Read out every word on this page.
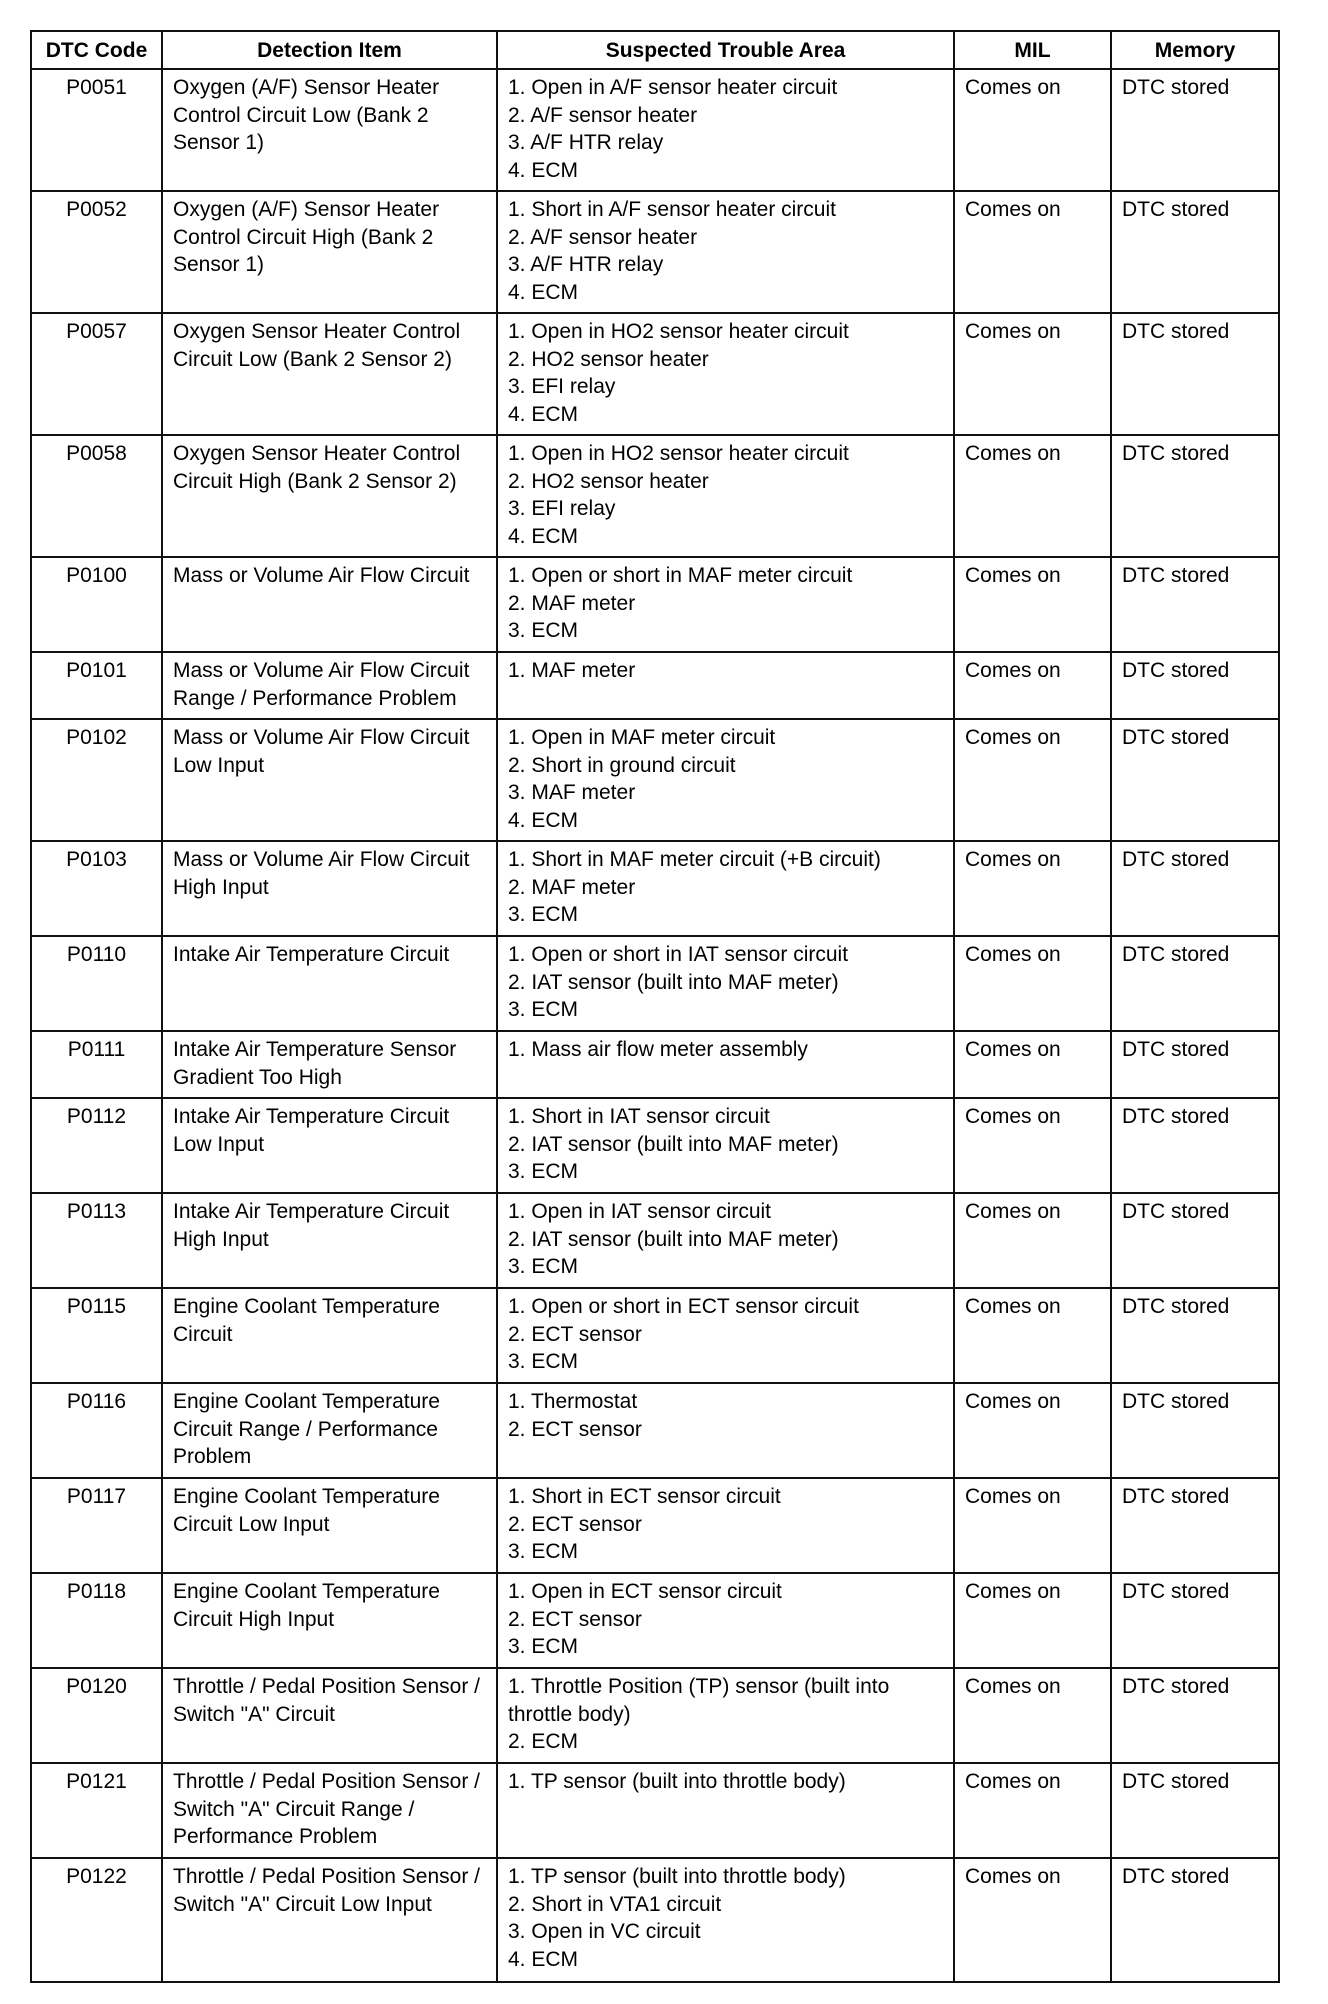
DTC Code	Detection Item	Suspected Trouble Area	MIL	Memory
P0051	Oxygen (A/F) Sensor Heater Control Circuit Low (Bank 2 Sensor 1)	1. Open in A/F sensor heater circuit
2. A/F sensor heater
3. A/F HTR relay
4. ECM	Comes on	DTC stored
P0052	Oxygen (A/F) Sensor Heater Control Circuit High (Bank 2 Sensor 1)	1. Short in A/F sensor heater circuit
2. A/F sensor heater
3. A/F HTR relay
4. ECM	Comes on	DTC stored
P0057	Oxygen Sensor Heater Control Circuit Low (Bank 2 Sensor 2)	1. Open in HO2 sensor heater circuit
2. HO2 sensor heater
3. EFI relay
4. ECM	Comes on	DTC stored
P0058	Oxygen Sensor Heater Control Circuit High (Bank 2 Sensor 2)	1. Open in HO2 sensor heater circuit
2. HO2 sensor heater
3. EFI relay
4. ECM	Comes on	DTC stored
P0100	Mass or Volume Air Flow Circuit	1. Open or short in MAF meter circuit
2. MAF meter
3. ECM	Comes on	DTC stored
P0101	Mass or Volume Air Flow Circuit Range / Performance Problem	1. MAF meter	Comes on	DTC stored
P0102	Mass or Volume Air Flow Circuit Low Input	1. Open in MAF meter circuit
2. Short in ground circuit
3. MAF meter
4. ECM	Comes on	DTC stored
P0103	Mass or Volume Air Flow Circuit High Input	1. Short in MAF meter circuit (+B circuit)
2. MAF meter
3. ECM	Comes on	DTC stored
P0110	Intake Air Temperature Circuit	1. Open or short in IAT sensor circuit
2. IAT sensor (built into MAF meter)
3. ECM	Comes on	DTC stored
P0111	Intake Air Temperature Sensor Gradient Too High	1. Mass air flow meter assembly	Comes on	DTC stored
P0112	Intake Air Temperature Circuit Low Input	1. Short in IAT sensor circuit
2. IAT sensor (built into MAF meter)
3. ECM	Comes on	DTC stored
P0113	Intake Air Temperature Circuit High Input	1. Open in IAT sensor circuit
2. IAT sensor (built into MAF meter)
3. ECM	Comes on	DTC stored
P0115	Engine Coolant Temperature Circuit	1. Open or short in ECT sensor circuit
2. ECT sensor
3. ECM	Comes on	DTC stored
P0116	Engine Coolant Temperature Circuit Range / Performance Problem	1. Thermostat
2. ECT sensor	Comes on	DTC stored
P0117	Engine Coolant Temperature Circuit Low Input	1. Short in ECT sensor circuit
2. ECT sensor
3. ECM	Comes on	DTC stored
P0118	Engine Coolant Temperature Circuit High Input	1. Open in ECT sensor circuit
2. ECT sensor
3. ECM	Comes on	DTC stored
P0120	Throttle / Pedal Position Sensor / Switch "A" Circuit	1. Throttle Position (TP) sensor (built into throttle body)
2. ECM	Comes on	DTC stored
P0121	Throttle / Pedal Position Sensor / Switch "A" Circuit Range / Performance Problem	1. TP sensor (built into throttle body)	Comes on	DTC stored
P0122	Throttle / Pedal Position Sensor / Switch "A" Circuit Low Input	1. TP sensor (built into throttle body)
2. Short in VTA1 circuit
3. Open in VC circuit
4. ECM	Comes on	DTC stored
